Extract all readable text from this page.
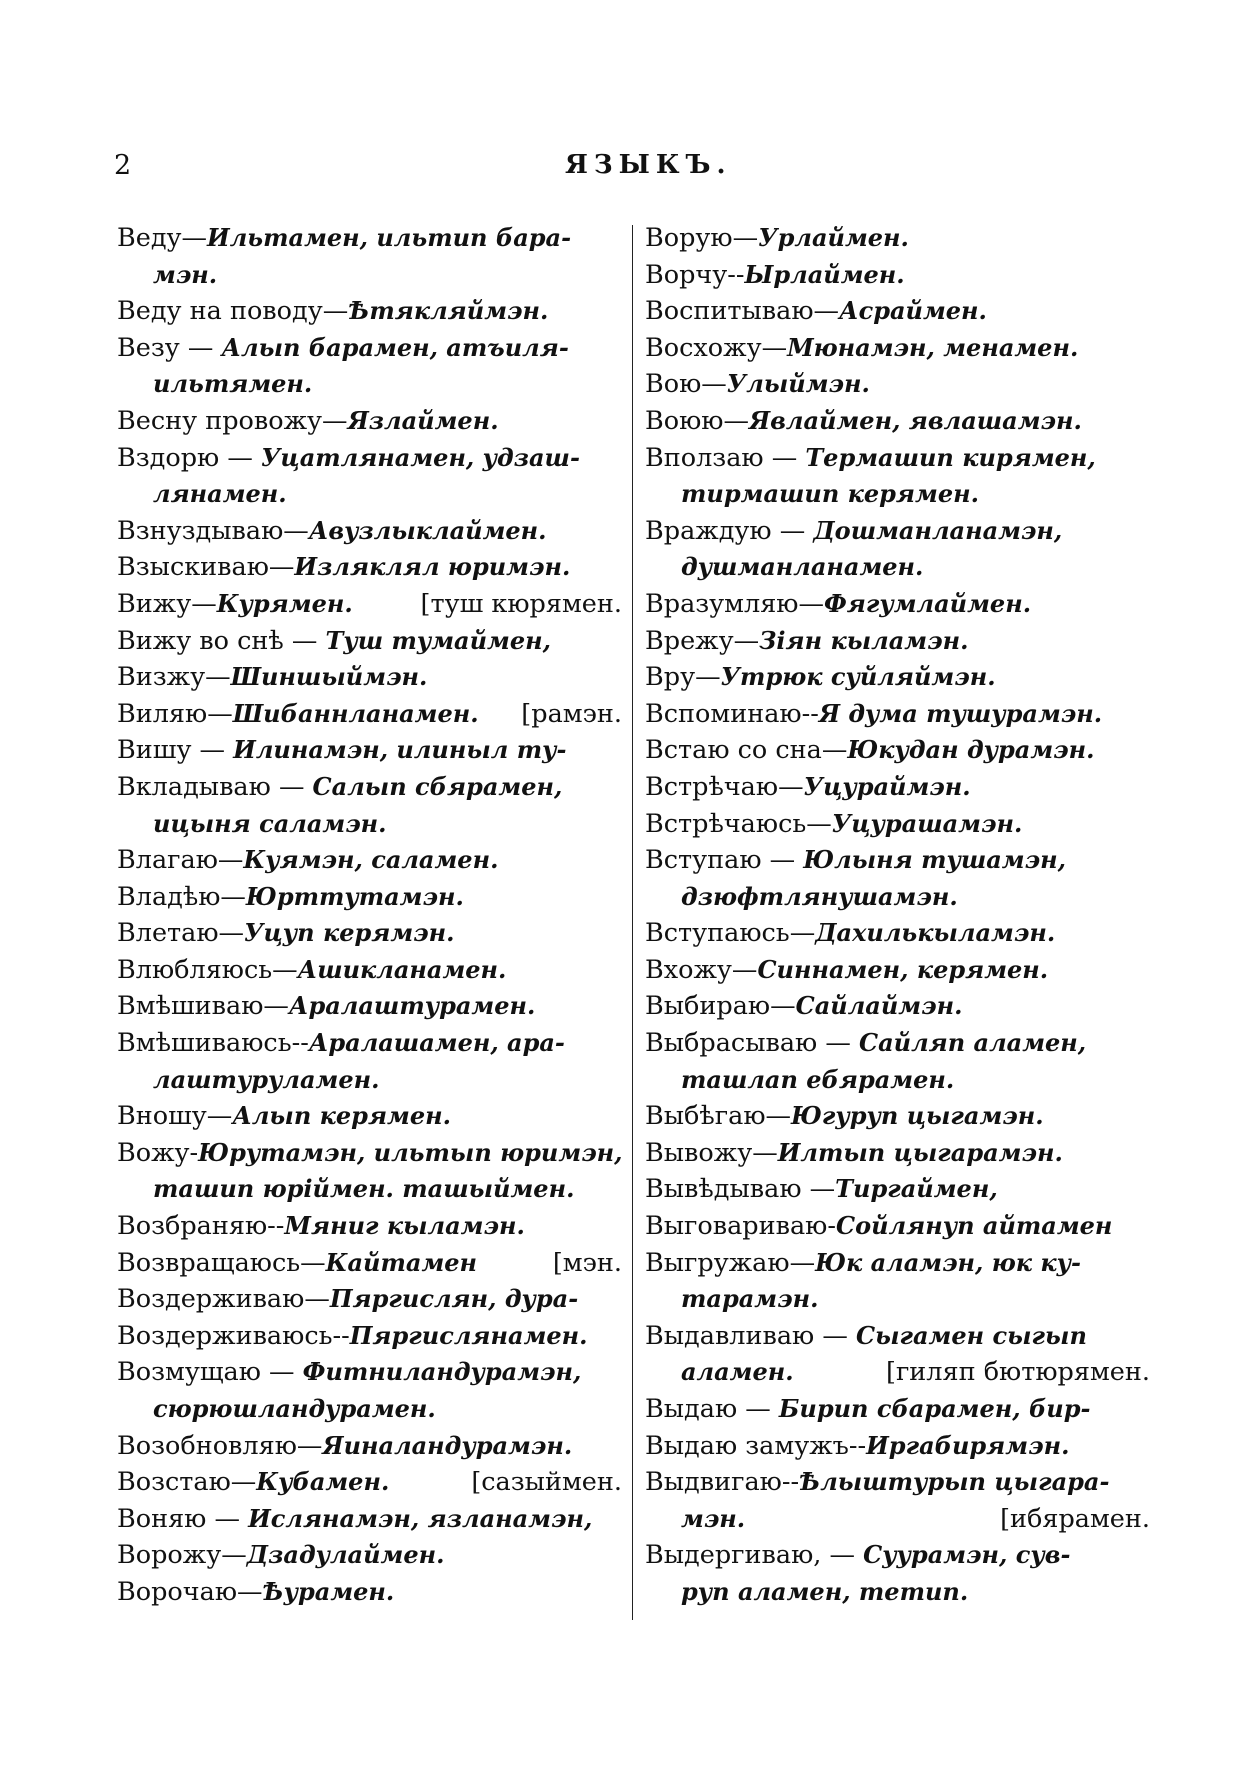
2	ЯЗЫКЪ.
Веду—Ильтамен, ильтип бара-
мэн.
Веду на поводу—Ѣтякляймэн.
Везу — Алып барамен, атъиля-
ильтямен.
Весну провожу—Язлаймен.
Вздорю — Уцатлянамен, удзаш-
лянамен.
Взнуздываю—Авузлыклаймен.
Взыскиваю—Изляклял юримэн.
[туш кюрямен.
Вижу—Курямен.
Вижу во снѣ — Туш тумаймен,
Визжу—Шиншыймэн.
[рамэн.
Виляю—Шибаннланамен.
Вишу — Илинамэн, илиныл ту-
Вкладываю — Салып сбярамен,
ицыня саламэн.
Влагаю—Куямэн, саламен.
Владѣю—Юрттутамэн.
Влетаю—Уцуп керямэн.
Влюбляюсь—Ашикланамен.
Вмѣшиваю—Аралаштурамен.
Вмѣшиваюсь--Аралашамен, ара-
лаштуруламен.
Вношу—Алып керямен.
Вожу-Юрутамэн, ильтып юримэн,
ташип юріймен. ташыймен.
Возбраняю--Мяниг кыламэн.
[мэн.
Возвращаюсь—Кайтамен
Воздерживаю—Пяргислян, дура-
Воздерживаюсь--Пяргислянамен.
Возмущаю — Фитниландурамэн,
сюрюшландурамен.
Возобновляю—Яиналандурамэн.
[сазыймен.
Возстаю—Кубамен.
Воняю — Ислянамэн, язланамэн,
Ворожу—Дзадулаймен.
Ворочаю—Ѣурамен.
Ворую—Урлаймен.
Ворчу--Ырлаймен.
Воспитываю—Асраймен.
Восхожу—Мюнамэн, менамен.
Вою—Улыймэн.
Воюю—Явлаймен, явлашамэн.
Вползаю — Термашип кирямен,
тирмашип керямен.
Враждую — Дошманланамэн,
душманланамен.
Вразумляю—Фягумлаймен.
Врежу—Зіян кыламэн.
Вру—Утрюк суйляймэн.
Вспоминаю--Я дума тушурамэн.
Встаю со сна—Юкудан дурамэн.
Встрѣчаю—Уцураймэн.
Встрѣчаюсь—Уцурашамэн.
Вступаю — Юлыня тушамэн,
дзюфтлянушамэн.
Вступаюсь—Дахилькыламэн.
Вхожу—Синнамен, керямен.
Выбираю—Сайлаймэн.
Выбрасываю — Сайляп аламен,
ташлап ебярамен.
Выбѣгаю—Югуруп цыгамэн.
Вывожу—Илтып цыгарамэн.
Вывѣдываю —Тиргаймен,
Выговариваю-Сойлянуп айтамен
Выгружаю—Юк аламэн, юк ку-
тарамэн.
Выдавливаю — Сыгамен сыгып
[гиляп бютюрямен.
аламен.
Выдаю — Бирип сбарамен, бир-
Выдаю замужъ--Иргабирямэн.
Выдвигаю--Ѣлыштурып цыгара-
[ибярамен.
мэн.
Выдергиваю, — Суурамэн, сув-
руп аламен, тетип.
